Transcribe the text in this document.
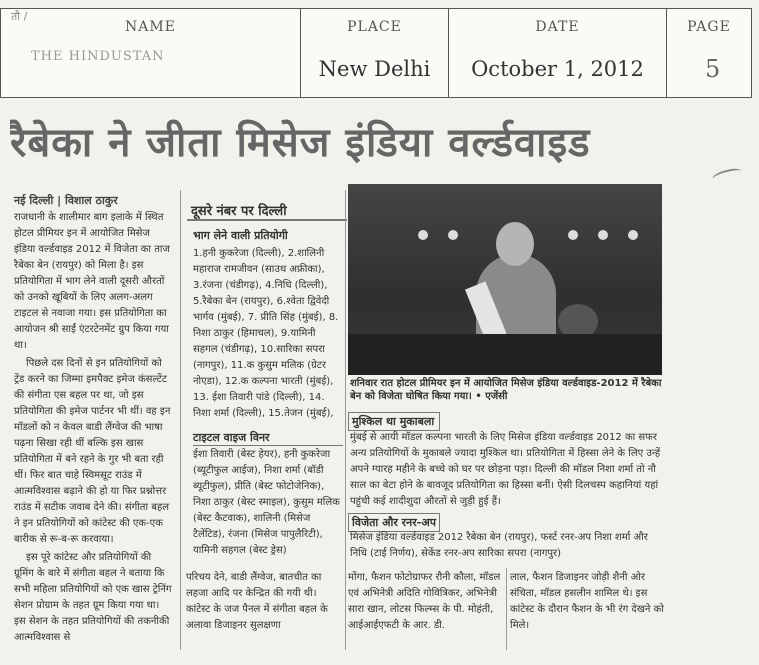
तौ /
NAME
THE HINDUSTAN
PLACE
New Delhi
DATE
October 1, 2012
PAGE
5
रैबेका ने जीता मिसेज इंडिया वर्ल्डवाइड
नई दिल्ली | विशाल ठाकुर

राजधानी के शालीमार बाग इलाके में स्थित होटल प्रीमियर इन में आयोजित मिसेज इंडिया वर्ल्डवाइड 2012 में विजेता का ताज रैबेका बेन (रायपुर) को मिला है। इस प्रतियोगिता में भाग लेने वाली दूसरी औरतों को उनको खूबियों के लिए अलग-अलग टाइटल से नवाजा गया। इस प्रतियोगिता का आयोजन श्री साईं एंटरटेनमेंट ग्रुप किया गया था।

पिछले दस दिनों से इन प्रतियोगियों को ट्रेंड करने का जिम्मा इमपैक्ट इमेज कंसल्टेंट की संगीता एस बहल पर था, जो इस प्रतियोगिता की इमेज पार्टनर भी थीं। वह इन मॉडलों को न केवल बाडी लैंग्वेज की भाषा पढ़ना सिखा रही थीं बल्कि इस खास प्रतियोगिता में बने रहने के गुर भी बता रही थीं। फिर बात चाहे स्विमसूट राउंड में आत्मविश्वास बढ़ाने की हो या फिर प्रश्नोत्तर राउंड में सटीक जवाब देने की। संगीता बहल ने इन प्रतियोगियों को कांटेस्ट की एक-एक बारीक से रू-ब-रू करवाया।

इस पूरे कांटेस्ट और प्रतियोगियों की ग्रूमिंग के बारे में संगीता बहल ने बताया कि सभी महिला प्रतियोगियों को एक खास ट्रेनिंग सेशन प्रोग्राम के तहत ग्रूम किया गया था। इस सेशन के तहत प्रतियोगियों की तकनीकी आत्मविश्वास से

दूसरे नंबर पर दिल्ली
भाग लेने वाली प्रतियोगी
1.हनी कुकरेजा (दिल्ली), 2.शालिनी महाराज रामजीवन (साउथ अफ्रीका), 3.रंजना (चंडीगढ़), 4.निधि (दिल्ली), 5.रैबेका बेन (रायपुर), 6.श्वेता द्विवेदी भार्गव (मुंबई), 7. प्रीति सिंह (मुंबई), 8. निशा ठाकुर (हिमाचल), 9.यामिनी सहगल (चंडीगढ़), 10.सारिका सपरा (नागपुर), 11.क कुसुम मलिक (ग्रेटर नोएडा), 12.क कल्पना भारती (मुंबई), 13. ईशा तिवारी पांडे (दिल्ली), 14. निशा शर्मा (दिल्ली), 15.तेजन (मुंबई),
टाइटल वाइज विनर
ईशा तिवारी (बेस्ट हेयर), हनी कुकरेजा (ब्यूटीफुल आईज), निशा शर्मा (बॉडी ब्यूटीफुल), प्रीति (बेस्ट फोटोजेनिक), निशा ठाकुर (बेस्ट स्माइल), कुसुम मलिक (बेस्ट कैटवाक), शालिनी (मिसेज टैलेंटिड), रंजना (मिसेज पापुलैरिटी), यामिनी सहगल (बेस्ट ड्रेस)
शनिवार रात होटल प्रीमियर इन में आयोजित मिसेज इंडिया वर्ल्डवाइड-2012 में रैबेका बेन को विजेता घोषित किया गया। • एजेंसी
मुश्किल था मुकाबला
मुंबई से आयी मॉडल कल्पना भारती के लिए मिसेज इंडिया वर्ल्डवाइड 2012 का सफर अन्य प्रतियोगियों के मुकाबले ज्यादा मुश्किल था। प्रतियोगिता में हिस्सा लेने के लिए उन्हें अपने ग्यारह महीने के बच्चे को घर पर छोड़ना पड़ा। दिल्ली की मॉडल निशा शर्मा तो नौ साल का बेटा होने के बावजूद प्रतियोगिता का हिस्सा बनीं। ऐसी दिलचस्प कहानियां यहां पहुंची कई शादीशुदा औरतों से जुड़ी हुई हैं।
विजेता और रनर-अप
मिसेज इंडिया वर्ल्डवाइड 2012 रैबेका बेन (रायपुर), फर्स्ट रनर-अप निशा शर्मा और निधि (टाई निर्णय), सेकेंड रनर-अप सारिका सपरा (नागपुर)
परिचय देने, बाडी लैंग्वेज, बातचीत का लहजा आदि पर केन्द्रित की गयी थी। कांटेस्ट के जज पैनल में संगीता बहल के अलावा डिजाइनर सुलक्षणा
मोंगा, फैशन फोटोग्राफर रौनी कौला, मॉडल एवं अभिनेत्री अदिति गोवित्रिकर, अभिनेत्री सारा खान, लोटस फिल्म्स के पी. मोहंती, आईआईएफटी के आर. डी.
लाल, फैशन डिजाइनर जोड़ी शैनी ओर संचिता, मॉडल हसलीन शामिल थे। इस कांटेस्ट के दौरान फैशन के भी रंग देखने को मिले।
